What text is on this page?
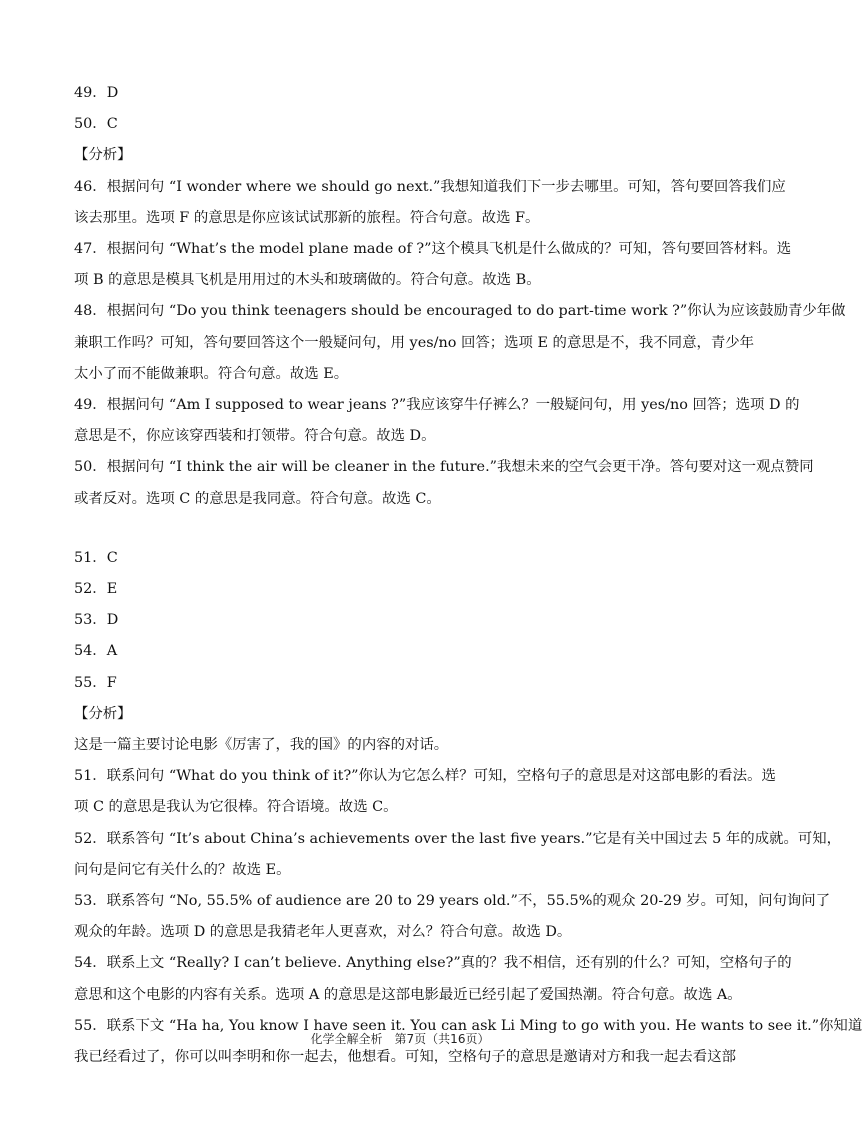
49．D
50．C
【分析】
46．根据问句 “I wonder where we should go next.”我想知道我们下一步去哪里。可知，答句要回答我们应
该去那里。选项 F 的意思是你应该试试那新的旅程。符合句意。故选 F。
47．根据问句 “What’s the model plane made of ?”这个模具飞机是什么做成的？可知，答句要回答材料。选
项 B 的意思是模具飞机是用用过的木头和玻璃做的。符合句意。故选 B。
48．根据问句 “Do you think teenagers should be encouraged to do part-time work ?”你认为应该鼓励青少年做
兼职工作吗？可知，答句要回答这个一般疑问句，用 yes/no 回答；选项 E 的意思是不，我不同意，青少年
太小了而不能做兼职。符合句意。故选 E。
49．根据问句 “Am I supposed to wear jeans ?”我应该穿牛仔裤么？一般疑问句，用 yes/no 回答；选项 D 的
意思是不，你应该穿西装和打领带。符合句意。故选 D。
50．根据问句 “I think the air will be cleaner in the future.”我想未来的空气会更干净。答句要对这一观点赞同
或者反对。选项 C 的意思是我同意。符合句意。故选 C。
51．C
52．E
53．D
54．A
55．F
【分析】
这是一篇主要讨论电影《厉害了，我的国》的内容的对话。
51．联系问句 “What do you think of it?”你认为它怎么样？可知，空格句子的意思是对这部电影的看法。选
项 C 的意思是我认为它很棒。符合语境。故选 C。
52．联系答句 “It’s about China’s achievements over the last five years.”它是有关中国过去 5 年的成就。可知，
问句是问它有关什么的？故选 E。
53．联系答句 “No, 55.5% of audience are 20 to 29 years old.”不，55.5%的观众 20-29 岁。可知，问句询问了
观众的年龄。选项 D 的意思是我猜老年人更喜欢，对么？符合句意。故选 D。
54．联系上文 “Really? I can’t believe. Anything else?”真的？我不相信，还有别的什么？可知，空格句子的
意思和这个电影的内容有关系。选项 A 的意思是这部电影最近已经引起了爱国热潮。符合句意。故选 A。
55．联系下文 “Ha ha, You know I have seen it. You can ask Li Ming to go with you. He wants to see it.”你知道
我已经看过了，你可以叫李明和你一起去，他想看。可知，空格句子的意思是邀请对方和我一起去看这部
化学全解全析　第7页（共16页）
